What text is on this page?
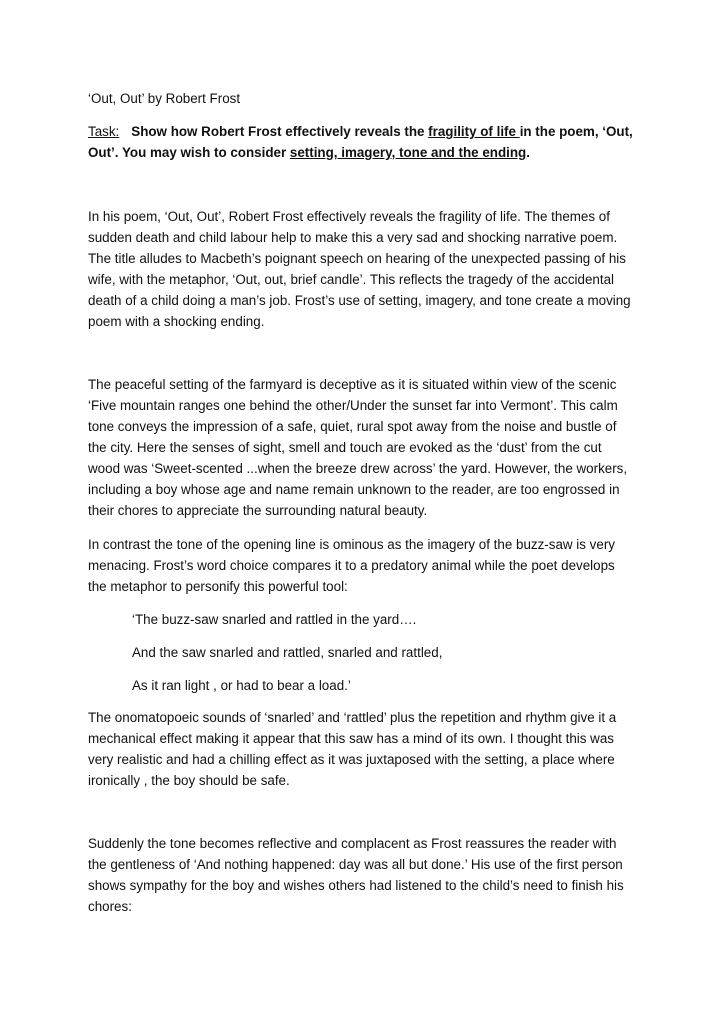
‘Out, Out’ by Robert Frost
Task: Show how Robert Frost effectively reveals the fragility of life in the poem, ‘Out,
Out’. You may wish to consider setting, imagery, tone and the ending.
In his poem, ‘Out, Out’, Robert Frost effectively reveals the fragility of life. The themes of
sudden death and child labour help to make this a very sad and shocking narrative poem.
The title alludes to Macbeth’s poignant speech on hearing of the unexpected passing of his
wife, with the metaphor, ‘Out, out, brief candle’. This reflects the tragedy of the accidental
death of a child doing a man’s job. Frost’s use of setting, imagery, and tone create a moving
poem with a shocking ending.
The peaceful setting of the farmyard is deceptive as it is situated within view of the scenic
‘Five mountain ranges one behind the other/Under the sunset far into Vermont’. This calm
tone conveys the impression of a safe, quiet, rural spot away from the noise and bustle of
the city. Here the senses of sight, smell and touch are evoked as the ‘dust’ from the cut
wood was ‘Sweet-scented ...when the breeze drew across’ the yard. However, the workers,
including a boy whose age and name remain unknown to the reader, are too engrossed in
their chores to appreciate the surrounding natural beauty.
In contrast the tone of the opening line is ominous as the imagery of the buzz-saw is very
menacing. Frost’s word choice compares it to a predatory animal while the poet develops
the metaphor to personify this powerful tool:
‘The buzz-saw snarled and rattled in the yard….
And the saw snarled and rattled, snarled and rattled,
As it ran light , or had to bear a load.’
The onomatopoeic sounds of ‘snarled’ and ‘rattled’ plus the repetition and rhythm give it a
mechanical effect making it appear that this saw has a mind of its own. I thought this was
very realistic and had a chilling effect as it was juxtaposed with the setting, a place where
ironically , the boy should be safe.
Suddenly the tone becomes reflective and complacent as Frost reassures the reader with
the gentleness of ‘And nothing happened: day was all but done.’ His use of the first person
shows sympathy for the boy and wishes others had listened to the child’s need to finish his
chores:
